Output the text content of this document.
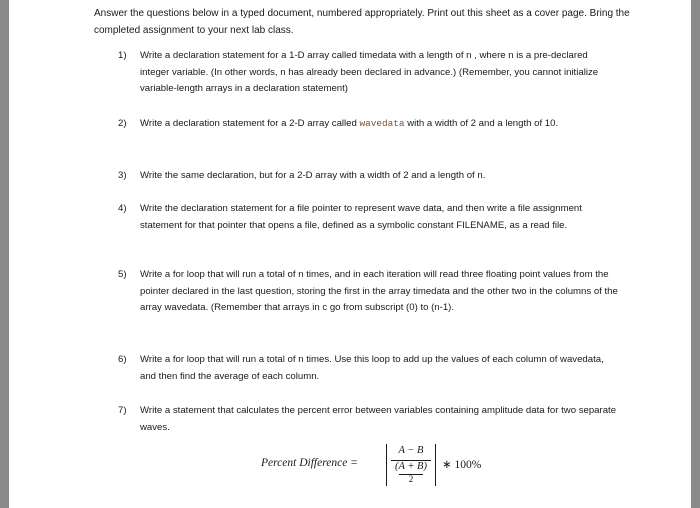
Answer the questions below in a typed document, numbered appropriately. Print out this sheet as a cover page. Bring the completed assignment to your next lab class.
1) Write a declaration statement for a 1-D array called timedata with a length of n , where n is a pre-declared integer variable. (In other words, n has already been declared in advance.) (Remember, you cannot initialize variable-length arrays in a declaration statement)
2) Write a declaration statement for a 2-D array called wavedata with a width of 2 and a length of 10.
3) Write the same declaration, but for a 2-D array with a width of 2 and a length of n.
4) Write the declaration statement for a file pointer to represent wave data, and then write a file assignment statement for that pointer that opens a file, defined as a symbolic constant FILENAME, as a read file.
5) Write a for loop that will run a total of n times, and in each iteration will read three floating point values from the pointer declared in the last question, storing the first in the array timedata and the other two in the columns of the array wavedata. (Remember that arrays in c go from subscript (0) to (n-1).
6) Write a for loop that will run a total of n times. Use this loop to add up the values of each column of wavedata, and then find the average of each column.
7) Write a statement that calculates the percent error between variables containing amplitude data for two separate waves.
Percent Difference =
A − B
(A + B)
2
∗ 100%
